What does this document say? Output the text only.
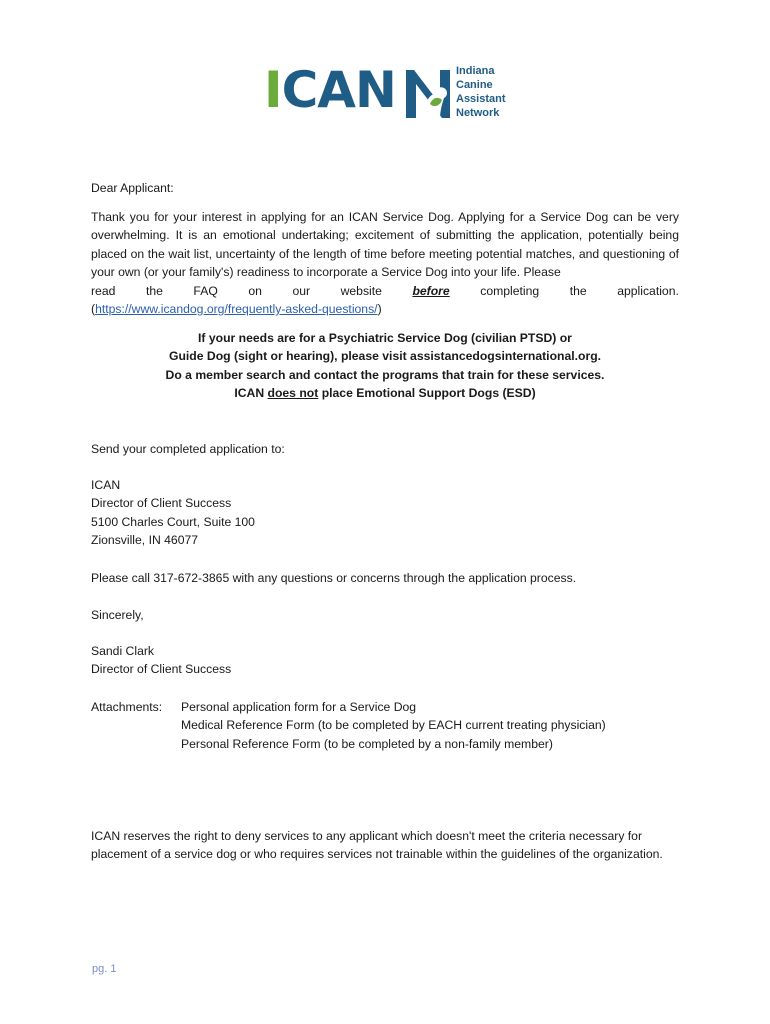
ICAN	Indiana
Canine
Assistant
Network
Dear Applicant:

Thank you for your interest in applying for an ICAN Service Dog. Applying for a Service Dog can be very overwhelming. It is an emotional undertaking; excitement of submitting the application, potentially being placed on the wait list, uncertainty of the length of time before meeting potential matches, and questioning of your own (or your family's) readiness to incorporate a Service Dog into your life. Please

read	the	FAQ	on	our	website	before	completing	the	application.

(https://www.icandog.org/frequently-asked-questions/)

If your needs are for a Psychiatric Service Dog (civilian PTSD) or

Guide Dog (sight or hearing), please visit assistancedogsinternational.org.

Do a member search and contact the programs that train for these services.

ICAN does not place Emotional Support Dogs (ESD)

Send your completed application to:

ICAN

Director of Client Success

5100 Charles Court, Suite 100

Zionsville, IN 46077

Please call 317-672-3865 with any questions or concerns through the application process.
Sincerely,

Sandi Clark

Director of Client Success

Attachments:	Personal application form for a Service Dog

Medical Reference Form (to be completed by EACH current treating physician)

Personal Reference Form (to be completed by a non-family member)

ICAN reserves the right to deny services to any applicant which doesn't meet the criteria necessary for placement of a service dog or who requires services not trainable within the guidelines of the organization.

pg. 1
